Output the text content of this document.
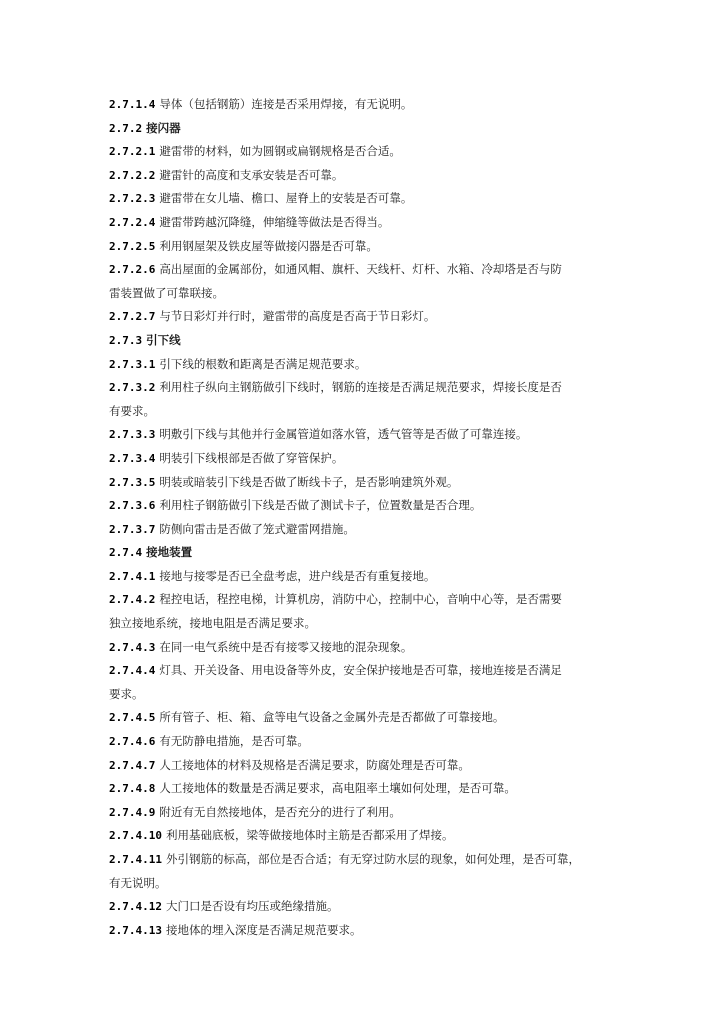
2.7.1.4 导体（包括钢筋）连接是否采用焊接，有无说明。
2.7.2 接闪器
2.7.2.1 避雷带的材料，如为圆钢或扁钢规格是否合适。
2.7.2.2 避雷针的高度和支承安装是否可靠。
2.7.2.3 避雷带在女儿墙、檐口、屋脊上的安装是否可靠。
2.7.2.4 避雷带跨越沉降缝，伸缩缝等做法是否得当。
2.7.2.5 利用钢屋架及铁皮屋等做接闪器是否可靠。
2.7.2.6 高出屋面的金属部份，如通风帽、旗杆、天线杆、灯杆、水箱、冷却塔是否与防
雷装置做了可靠联接。
2.7.2.7 与节日彩灯并行时，避雷带的高度是否高于节日彩灯。
2.7.3 引下线
2.7.3.1 引下线的根数和距离是否满足规范要求。
2.7.3.2 利用柱子纵向主钢筋做引下线时，钢筋的连接是否满足规范要求，焊接长度是否
有要求。
2.7.3.3 明敷引下线与其他并行金属管道如落水管，透气管等是否做了可靠连接。
2.7.3.4 明装引下线根部是否做了穿管保护。
2.7.3.5 明装或暗装引下线是否做了断线卡子，是否影响建筑外观。
2.7.3.6 利用柱子钢筋做引下线是否做了测试卡子，位置数量是否合理。
2.7.3.7 防侧向雷击是否做了笼式避雷网措施。
2.7.4 接地装置
2.7.4.1 接地与接零是否已全盘考虑，进户线是否有重复接地。
2.7.4.2 程控电话，程控电梯，计算机房，消防中心，控制中心，音响中心等，是否需要
独立接地系统，接地电阻是否满足要求。
2.7.4.3 在同一电气系统中是否有接零又接地的混杂现象。
2.7.4.4 灯具、开关设备、用电设备等外皮，安全保护接地是否可靠，接地连接是否满足
要求。
2.7.4.5 所有管子、柜、箱、盒等电气设备之金属外壳是否都做了可靠接地。
2.7.4.6 有无防静电措施，是否可靠。
2.7.4.7 人工接地体的材料及规格是否满足要求，防腐处理是否可靠。
2.7.4.8 人工接地体的数量是否满足要求，高电阻率土壤如何处理，是否可靠。
2.7.4.9 附近有无自然接地体，是否充分的进行了利用。
2.7.4.10 利用基础底板，梁等做接地体时主筋是否都采用了焊接。
2.7.4.11 外引钢筋的标高，部位是否合适；有无穿过防水层的现象，如何处理，是否可靠，
有无说明。
2.7.4.12 大门口是否设有均压或绝缘措施。
2.7.4.13 接地体的埋入深度是否满足规范要求。
